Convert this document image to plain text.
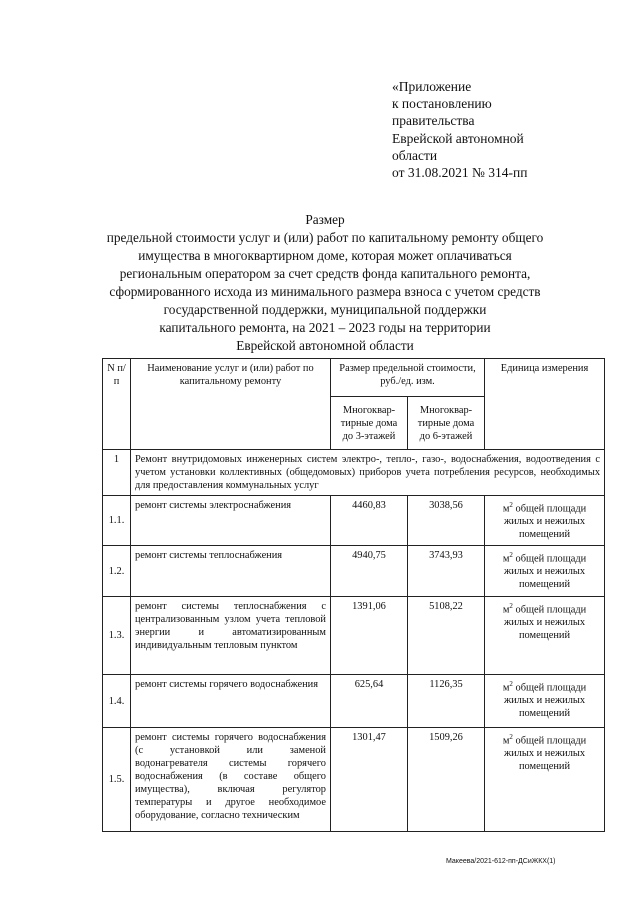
«Приложение
к постановлению
правительства
Еврейской автономной
области
от 31.08.2021 № 314-пп
Размер
предельной стоимости услуг и (или) работ по капитальному ремонту общего
имущества в многоквартирном доме, которая может оплачиваться
региональным оператором за счет средств фонда капитального ремонта,
сформированного исхода из минимального размера взноса с учетом средств
государственной поддержки, муниципальной поддержки
капитального ремонта, на 2021 – 2023 годы на территории
Еврейской автономной области
N п/п	Наименование услуг и (или) работ по капитальному ремонту	Размер предельной стоимости, руб./ед. изм.		Единица измерения
		Многоквар-тирные дома до 3-этажей	Многоквар-тирные дома до 6-этажей	
1	Ремонт внутридомовых инженерных систем электро-, тепло-, газо-, водоснабжения, водоотведения с учетом установки коллективных (общедомовых) приборов учета потребления ресурсов, необходимых для предоставления коммунальных услуг			
1.1.	ремонт системы электроснабжения	4460,83	3038,56	$м^2$ общей площади жилых и нежилых помещений
1.2.	ремонт системы теплоснабжения	4940,75	3743,93	$м^2$ общей площади жилых и нежилых помещений
1.3.	ремонт системы теплоснабжения с централизованным узлом учета тепловой энергии и автоматизированным индивидуальным тепловым пунктом	1391,06	5108,22	$м^2$ общей площади жилых и нежилых помещений
1.4.	ремонт системы горячего водоснабжения	625,64	1126,35	$м^2$ общей площади жилых и нежилых помещений
1.5.	ремонт системы горячего водоснабжения (с установкой или заменой водонагревателя системы горячего водоснабжения (в составе общего имущества), включая регулятор температуры и другое необходимое оборудование, согласно техническим	1301,47	1509,26	$м^2$ общей площади жилых и нежилых помещений
Макеева/2021-612-пп-ДСиЖКХ(1)
